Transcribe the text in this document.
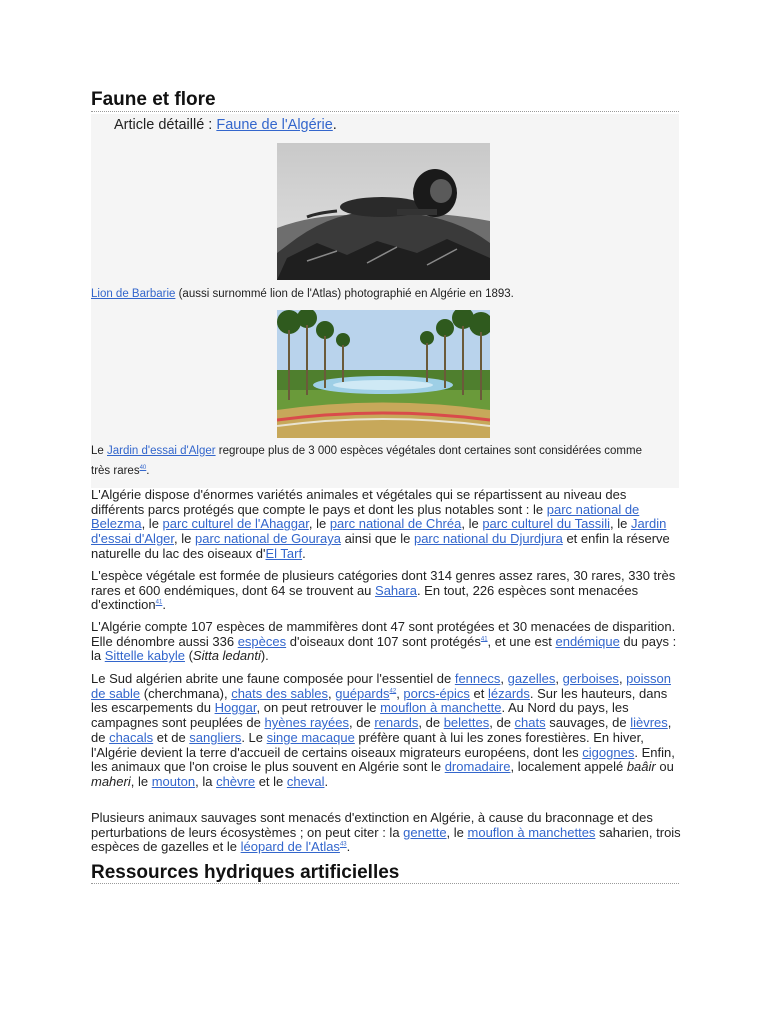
Faune et flore
Article détaillé : Faune de l'Algérie.
Lion de Barbarie (aussi surnommé lion de l'Atlas) photographié en Algérie en 1893.
Le Jardin d'essai d'Alger regroupe plus de 3 000 espèces végétales dont certaines sont considérées comme très rares$^{40}$.

L'Algérie dispose d'énormes variétés animales et végétales qui se répartissent au niveau des différents parcs protégés que compte le pays et dont les plus notables sont : le parc national de Belezma, le parc culturel de l'Ahaggar, le parc national de Chréa, le parc culturel du Tassili, le Jardin d'essai d'Alger, le parc national de Gouraya ainsi que le parc national du Djurdjura et enfin la réserve naturelle du lac des oiseaux d'El Tarf.

L'espèce végétale est formée de plusieurs catégories dont 314 genres assez rares, 30 rares, 330 très rares et 600 endémiques, dont 64 se trouvent au Sahara. En tout, 226 espèces sont menacées d'extinction$^{41}$.

L'Algérie compte 107 espèces de mammifères dont 47 sont protégées et 30 menacées de disparition. Elle dénombre aussi 336 espèces d'oiseaux dont 107 sont protégés$^{41}$, et une est endémique du pays : la Sittelle kabyle (Sitta ledanti).

Le Sud algérien abrite une faune composée pour l'essentiel de fennecs, gazelles, gerboises, poisson de sable (cherchmana), chats des sables, guépards$^{42}$, porcs-épics et lézards. Sur les hauteurs, dans les escarpements du Hoggar, on peut retrouver le mouflon à manchette. Au Nord du pays, les campagnes sont peuplées de hyènes rayées, de renards, de belettes, de chats sauvages, de lièvres, de chacals et de sangliers. Le singe macaque préfère quant à lui les zones forestières. En hiver, l'Algérie devient la terre d'accueil de certains oiseaux migrateurs européens, dont les cigognes. Enfin, les animaux que l'on croise le plus souvent en Algérie sont le dromadaire, localement appelé baâir ou maheri, le mouton, la chèvre et le cheval.

Plusieurs animaux sauvages sont menacés d'extinction en Algérie, à cause du braconnage et des perturbations de leurs écosystèmes ; on peut citer : la genette, le mouflon à manchettes saharien, trois espèces de gazelles et le léopard de l'Atlas$^{43}$.

Ressources hydriques artificielles
